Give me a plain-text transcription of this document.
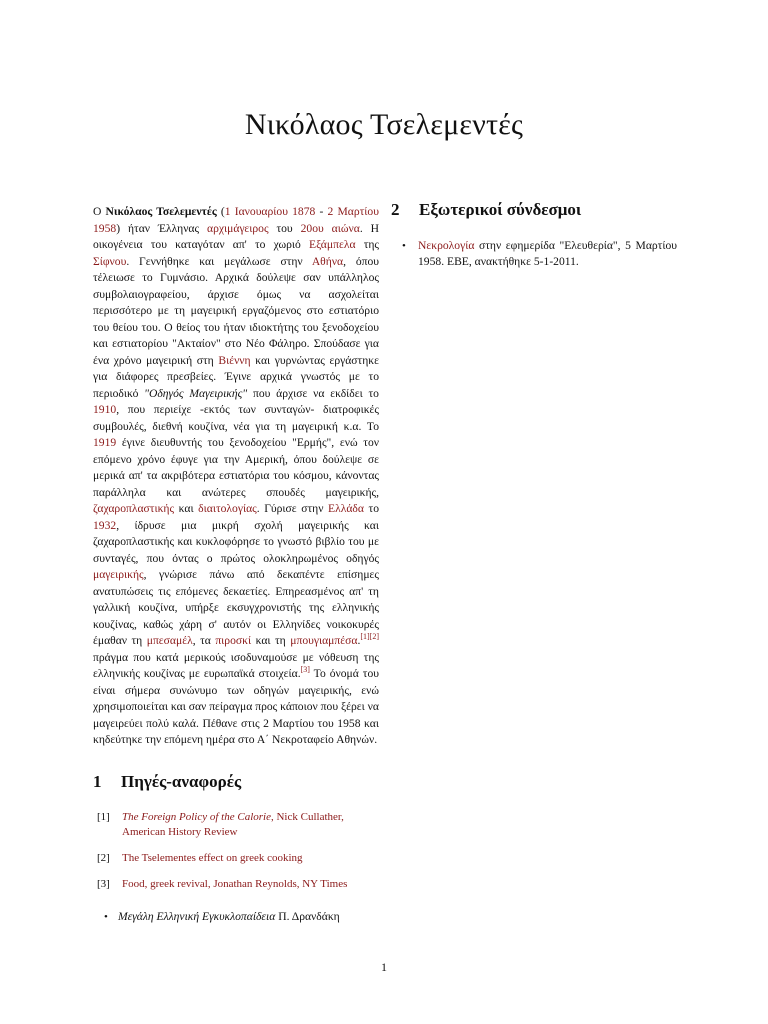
Νικόλαος Τσελεμεντές

Ο Νικόλαος Τσελεμεντές (1 Ιανουαρίου 1878 - 2 Μαρτίου 1958) ήταν Έλληνας αρχιμάγειρος του 20ου αιώνα. Η οικογένεια του καταγόταν απ' το χωριό Εξάμπελα της Σίφνου. Γεννήθηκε και μεγάλωσε στην Αθήνα, όπου τέλειωσε το Γυμνάσιο. Αρχικά δούλεψε σαν υπάλληλος συμβολαιογραφείου, άρχισε όμως να ασχολείται περισσότερο με τη μαγειρική εργαζόμενος στο εστιατόριο του θείου του. Ο θείος του ήταν ιδιοκτήτης του ξενοδοχείου και εστιατορίου "Ακταίον" στο Νέο Φάληρο. Σπούδασε για ένα χρόνο μαγειρική στη Βιέννη και γυρνώντας εργάστηκε για διάφορες πρεσβείες. Έγινε αρχικά γνωστός με το περιοδικό "Οδηγός Μαγειρικής" που άρχισε να εκδίδει το 1910, που περιείχε -εκτός των συνταγών- διατροφικές συμβουλές, διεθνή κουζίνα, νέα για τη μαγειρική κ.α. Το 1919 έγινε διευθυντής του ξενοδοχείου "Ερμής", ενώ τον επόμενο χρόνο έφυγε για την Αμερική, όπου δούλεψε σε μερικά απ' τα ακριβότερα εστιατόρια του κόσμου, κάνοντας παράλληλα και ανώτερες σπουδές μαγειρικής, ζαχαροπλαστικής και διαιτολογίας. Γύρισε στην Ελλάδα το 1932, ίδρυσε μια μικρή σχολή μαγειρικής και ζαχαροπλαστικής και κυκλοφόρησε το γνωστό βιβλίο του με συνταγές, που όντας ο πρώτος ολοκληρωμένος οδηγός μαγειρικής, γνώρισε πάνω από δεκαπέντε επίσημες ανατυπώσεις τις επόμενες δεκαετίες. Επηρεασμένος απ' τη γαλλική κουζίνα, υπήρξε εκσυγχρονιστής της ελληνικής κουζίνας, καθώς χάρη σ' αυτόν οι Ελληνίδες νοικοκυρές έμαθαν τη μπεσαμέλ, τα πιροσκί και τη μπουγιαμπέσα.[1][2] πράγμα που κατά μερικούς ισοδυναμούσε με νόθευση της ελληνικής κουζίνας με ευρωπαϊκά στοιχεία.[3] Το όνομά του είναι σήμερα συνώνυμο των οδηγών μαγειρικής, ενώ χρησιμοποιείται και σαν πείραγμα προς κάποιον που ξέρει να μαγειρεύει πολύ καλά. Πέθανε στις 2 Μαρτίου του 1958 και κηδεύτηκε την επόμενη ημέρα στο Α΄ Νεκροταφείο Αθηνών.

1 Πηγές-αναφορές
[1]	The Foreign Policy of the Calorie, Nick Cullather, American History Review
[2]	The Tselementes effect on greek cooking
[3]	Food, greek revival, Jonathan Reynolds, NY Times
• Μεγάλη Ελληνική Εγκυκλοπαίδεια Π. Δρανδάκη
2 Εξωτερικοί σύνδεσμοι
• Νεκρολογία στην εφημερίδα "Ελευθερία", 5 Μαρτίου 1958. ΕΒΕ, ανακτήθηκε 5-1-2011.
1
